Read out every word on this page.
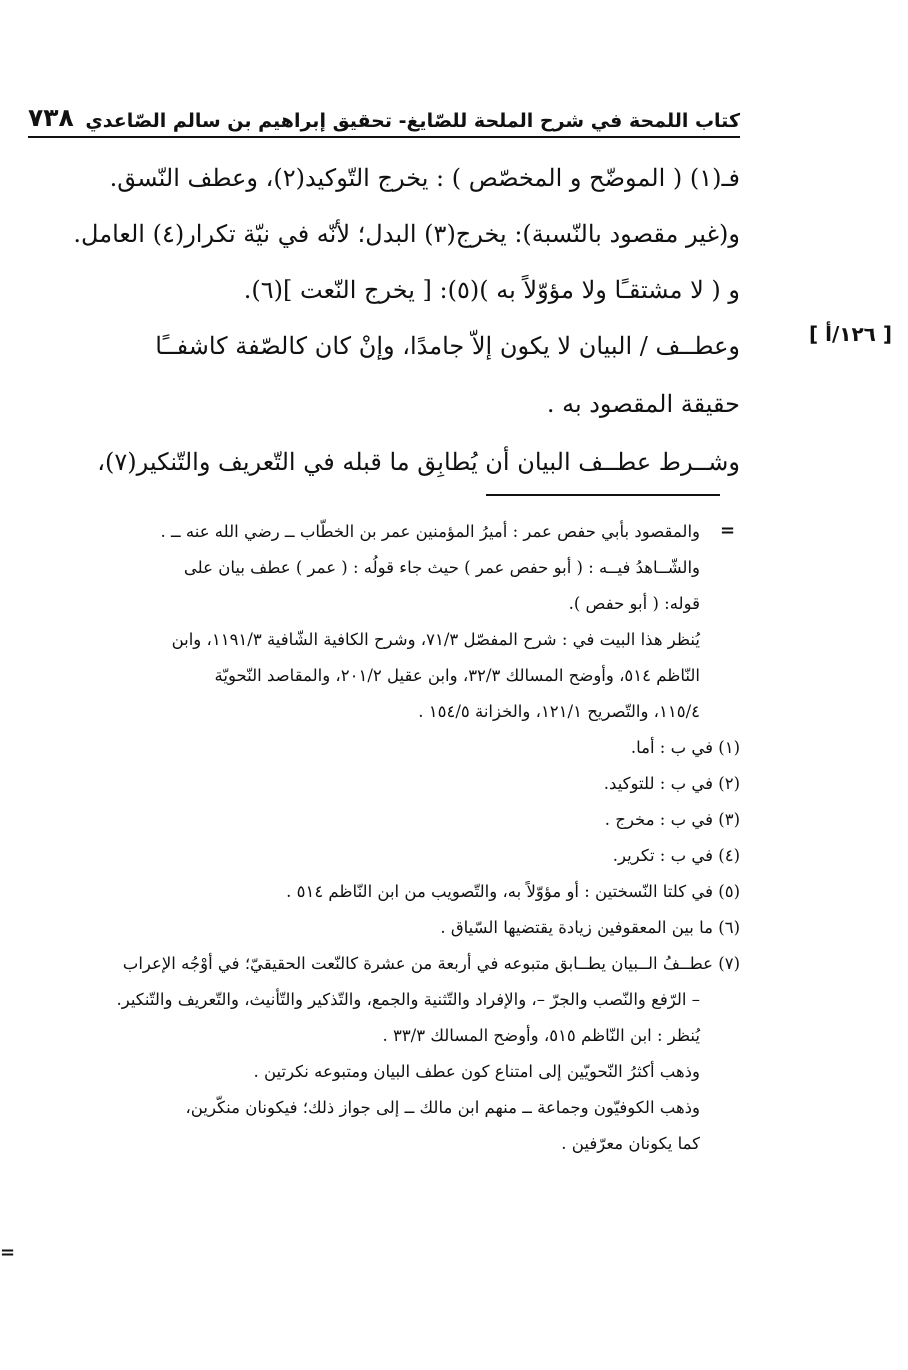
٧٣٨ كتاب اللمحة في شرح الملحة للصّايغ- تحقيق إبراهيم بن سالم الصّاعدي
[ ١٢٦/أ ]
فـ(١) ( الموضّح و المخصّص ) : يخرج التّوكيد(٢)، وعطف النّسق.
و(غير مقصود بالنّسبة): يخرج(٣) البدل؛ لأنّه في نيّة تكرار(٤) العامل.
و ( لا مشتقـًا ولا مؤوّلاً به )(٥): [ يخرج النّعت ](٦).
وعطــف / البيان لا يكون إلاّ جامدًا، وإنْ كان كالصّفة كاشفــًا
حقيقة المقصود به .
وشــرط عطــف البيان أن يُطابِق ما قبله في التّعريف والتّنكير(٧)،
=
والمقصود بأبي حفص عمر : أميرُ المؤمنين عمر بن الخطّاب ــ رضي الله عنه ــ .
والشّــاهدُ فيــه : ( أبو حفص عمر ) حيث جاء قولُه : ( عمر ) عطف بيان على
قوله: ( أبو حفص ).
يُنظر هذا البيت في : شرح المفصّل ٧١/٣، وشرح الكافية الشّافية ١١٩١/٣، وابن
النّاظم ٥١٤، وأوضح المسالك ٣٢/٣، وابن عقيل ٢٠١/٢، والمقاصد النّحويّة
١١٥/٤، والتّصريح ١٢١/١، والخزانة ١٥٤/٥ .
(١) في ب : أما.
(٢) في ب : للتوكيد.
(٣) في ب : مخرج .
(٤) في ب : تكرير.
(٥) في كلتا النّسختين : أو مؤوّلاً به، والتّصويب من ابن النّاظم ٥١٤ .
(٦) ما بين المعقوفين زيادة يقتضيها السّياق .
(٧) عطــفُ الــبيان يطــابق متبوعه في أربعة من عشرة كالنّعت الحقيقيّ؛ في أوْجُه الإعراب
– الرّفع والنّصب والجرّ –، والإفراد والتّثنية والجمع، والتّذكير والتّأنيث، والتّعريف والتّنكير.
يُنظر : ابن النّاظم ٥١٥، وأوضح المسالك ٣٣/٣ .
وذهب أكثرُ النّحويّين إلى امتناع كون عطف البيان ومتبوعه نكرتين .
وذهب الكوفيّون وجماعة ــ منهم ابن مالك ــ إلى جواز ذلك؛ فيكونان منكّرين،
كما يكونان معرّفين .
=
